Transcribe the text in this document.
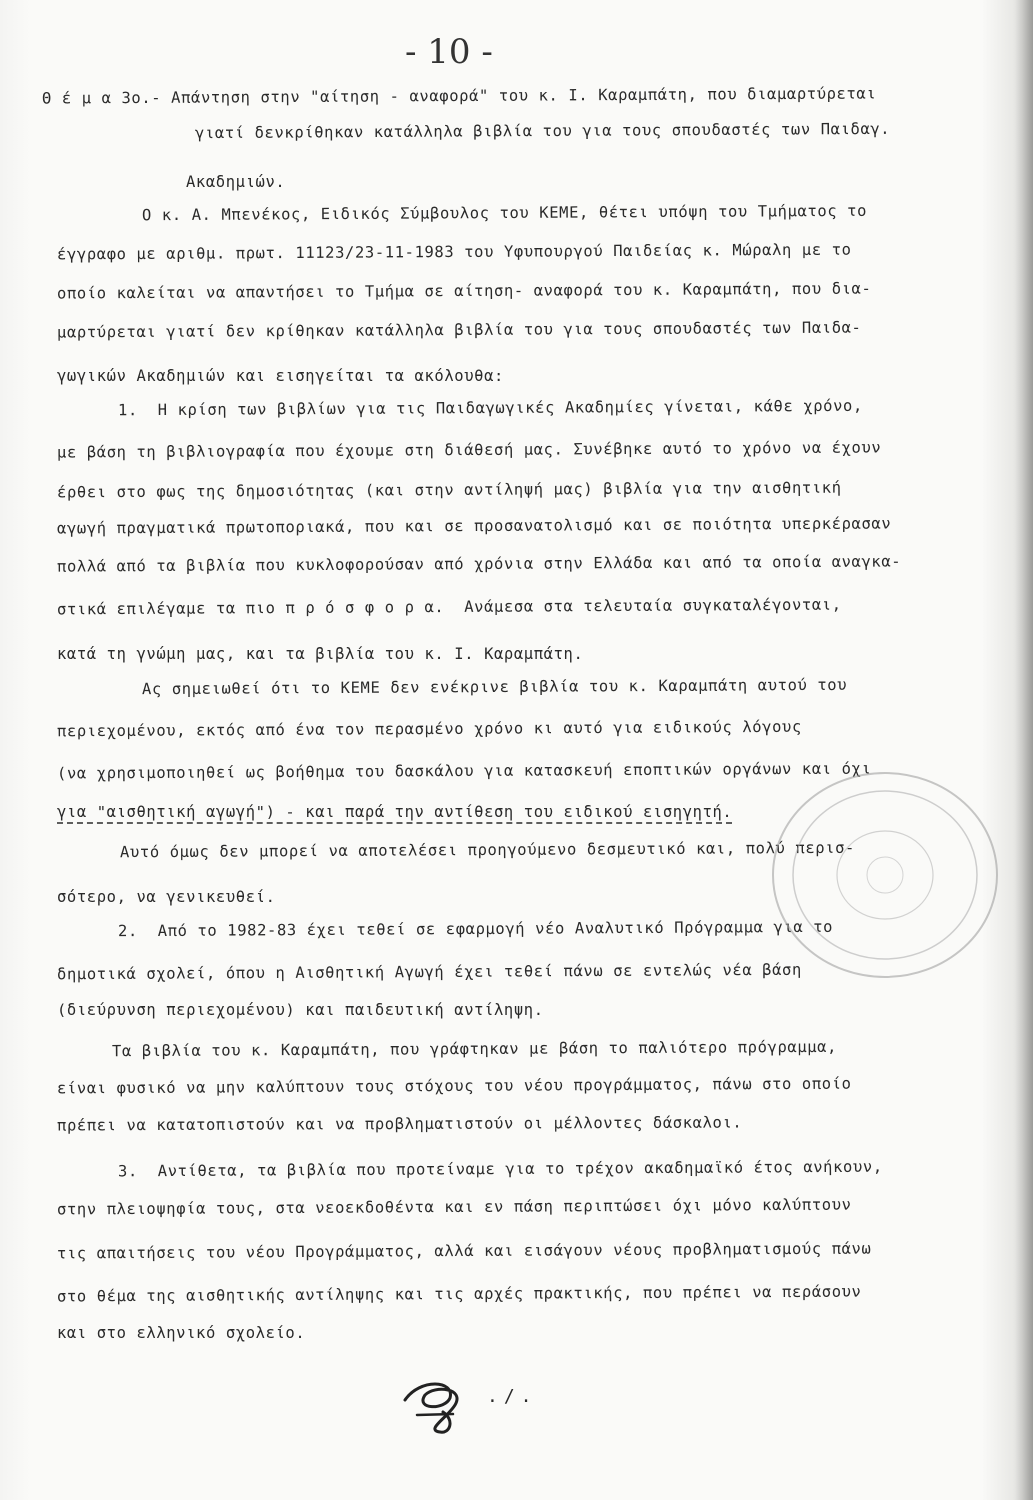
- 10 -
Θ έ μ α 3ο.- Απάντηση στην "αίτηση - αναφορά" του κ. Ι. Καραμπάτη, που διαμαρτύρεται
γιατί δενκρίθηκαν κατάλληλα βιβλία του για τους σπουδαστές των Παιδαγ.
Ακαδημιών.
Ο κ. Α. Μπενέκος, Ειδικός Σύμβουλος του ΚΕΜΕ, θέτει υπόψη του Τμήματος το
έγγραφο με αριθμ. πρωτ. 11123/23-11-1983 του Υφυπουργού Παιδείας κ. Μώραλη με το
οποίο καλείται να απαντήσει το Τμήμα σε αίτηση- αναφορά του κ. Καραμπάτη, που δια-
μαρτύρεται γιατί δεν κρίθηκαν κατάλληλα βιβλία του για τους σπουδαστές των Παιδα-
γωγικών Ακαδημιών και εισηγείται τα ακόλουθα:
1.  Η κρίση των βιβλίων για τις Παιδαγωγικές Ακαδημίες γίνεται, κάθε χρόνο,
με βάση τη βιβλιογραφία που έχουμε στη διάθεσή μας. Συνέβηκε αυτό το χρόνο να έχουν
έρθει στο φως της δημοσιότητας (και στην αντίληψή μας) βιβλία για την αισθητική
αγωγή πραγματικά πρωτοποριακά, που και σε προσανατολισμό και σε ποιότητα υπερκέρασαν
πολλά από τα βιβλία που κυκλοφορούσαν από χρόνια στην Ελλάδα και από τα οποία αναγκα-
στικά επιλέγαμε τα πιο π ρ ό σ φ ο ρ α.  Ανάμεσα στα τελευταία συγκαταλέγονται,
κατά τη γνώμη μας, και τα βιβλία του κ. Ι. Καραμπάτη.
Ας σημειωθεί ότι το ΚΕΜΕ δεν ενέκρινε βιβλία του κ. Καραμπάτη αυτού του
περιεχομένου, εκτός από ένα τον περασμένο χρόνο κι αυτό για ειδικούς λόγους
(να χρησιμοποιηθεί ως βοήθημα του δασκάλου για κατασκευή εποπτικών οργάνων και όχι
για "αισθητική αγωγή") - και παρά την αντίθεση του ειδικού εισηγητή.
Αυτό όμως δεν μπορεί να αποτελέσει προηγούμενο δεσμευτικό και, πολύ περισ-
σότερο, να γενικευθεί.
2.  Από το 1982-83 έχει τεθεί σε εφαρμογή νέο Αναλυτικό Πρόγραμμα για το
δημοτικά σχολεί, όπου η Αισθητική Αγωγή έχει τεθεί πάνω σε εντελώς νέα βάση
(διεύρυνση περιεχομένου) και παιδευτική αντίληψη.
Τα βιβλία του κ. Καραμπάτη, που γράφτηκαν με βάση το παλιότερο πρόγραμμα,
είναι φυσικό να μην καλύπτουν τους στόχους του νέου προγράμματος, πάνω στο οποίο
πρέπει να κατατοπιστούν και να προβληματιστούν οι μέλλοντες δάσκαλοι.
3.  Αντίθετα, τα βιβλία που προτείναμε για το τρέχον ακαδημαϊκό έτος ανήκουν,
στην πλειοψηφία τους, στα νεοεκδοθέντα και εν πάση περιπτώσει όχι μόνο καλύπτουν
τις απαιτήσεις του νέου Προγράμματος, αλλά και εισάγουν νέους προβληματισμούς πάνω
στο θέμα της αισθητικής αντίληψης και τις αρχές πρακτικής, που πρέπει να περάσουν
και στο ελληνικό σχολείο.
./.
